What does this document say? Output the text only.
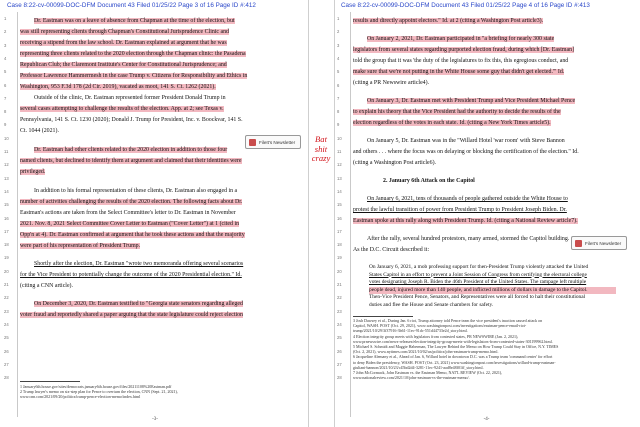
Case 8:22-cv-00099-DOC-DFM Document 43 Filed 01/25/22 Page 3 of 16 Page ID #:412
1
2
3
4
5
6
7
8
9
10
11
12
13
14
15
16
17
18
19
20
21
22
23
24
25
26
27
28
Dr. Eastman was on a leave of absence from Chapman at the time of the election, but
was still representing clients through Chapman's Constitutional Jurisprudence Clinic and
receiving a stipend from the law school. Dr. Eastman explained at argument that he was
representing three clients related to the 2020 election through the Chapman clinic: the Pasadena
Republican Club; the Claremont Institute's Center for Constitutional Jurisprudence; and
Professor Lawrence Hammermesh in the case Trump v. Citizens for Responsibility and Ethics in
Washington, 953 F.3d 178 (2d Cir. 2019), vacated as moot, 141 S. Ct. 1262 (2021).
Outside of the clinic, Dr. Eastman represented former President Donald Trump in
several cases attempting to challenge the results of the election. App. at 2; see Texas v.
Pennsylvania, 141 S. Ct. 1230 (2020); Donald J. Trump for President, Inc. v. Boockvar, 141 S.
Ct. 1044 (2021).
Dr. Eastman had other clients related to the 2020 election in addition to those four
named clients, but declined to identify them at argument and claimed that their identities were
privileged.
In addition to his formal representation of these clients, Dr. Eastman also engaged in a
number of activities challenging the results of the 2020 election. The following facts about Dr.
Eastman's actions are taken from the Select Committee's letter to Dr. Eastman in November
2021. Nov. 8, 2021 Select Committee Cover Letter to Eastman ("Cover Letter") at 1 (cited in
Opp'n at 4). Dr. Eastman confirmed at argument that he took these actions and that the majority
were part of his representation of President Trump.
Shortly after the election, Dr. Eastman "wrote two memoranda offering several scenarios
for the Vice President to potentially change the outcome of the 2020 Presidential election." Id.
(citing a CNN article).
On December 3, 2020, Dr. Eastman testified to "Georgia state senators regarding alleged
voter fraud and reportedly shared a paper arguing that the state legislature could reject election
FileIt's Newsletter
1 January6th.house.gov/sites/democrats.january6th.house.gov/files/20211108%20Eastman.pdf
2 Trump lawyer's memo on six-step plan for Pence to overturn the election, CNN (Sept. 21, 2021),
www.cnn.com/2021/09/20/politics/trump-pence-election-memo/index.html
-3-
Bat
shit
crazy
Case 8:22-cv-00099-DOC-DFM Document 43 Filed 01/25/22 Page 4 of 16 Page ID #:413
1
2
3
4
5
6
7
8
9
10
11
12
13
14
15
16
17
18
19
20
21
22
23
24
25
26
27
28
results and directly appoint electors." Id. at 2 (citing a Washington Post article3).
On January 2, 2021, Dr. Eastman participated in "a briefing for nearly 300 state
legislators from several states regarding purported election fraud, during which [Dr. Eastman]
told the group that it was 'the duty of the legislatures to fix this, this egregious conduct, and
make sure that we're not putting in the White House some guy that didn't get elected.'" Id.
(citing a PR Newswire article4).
On January 3, Dr. Eastman met with President Trump and Vice President Michael Pence
to explain his theory that the Vice President had the authority to decide the results of the
election regardless of the votes in each state. Id. (citing a New York Times article5).
On January 5, Dr. Eastman was in the "Willard Hotel 'war room' with Steve Bannon
and others . . . where the focus was on delaying or blocking the certification of the election." Id.
(citing a Washington Post article6).
2. January 6th Attack on the Capitol
On January 6, 2021, tens of thousands of people gathered outside the White House to
protest the lawful transition of power from President Trump to President Joseph Biden. Dr.
Eastman spoke at this rally along with President Trump. Id. (citing a National Review article7).
After the rally, several hundred protestors, many armed, stormed the Capitol building.
As the D.C. Circuit described it:
FileIt's Newsletter
On January 6, 2021, a mob professing support for then-President Trump violently attacked the United
States Capitol in an effort to prevent a Joint Session of Congress from certifying the electoral college
votes designating Joseph R. Biden the 46th President of the United States. The rampage left multiple
people dead, injured more than 140 people, and inflicted millions of dollars in damage to the Capitol.
Then-Vice President Pence, Senators, and Representatives were all forced to halt their constitutional
duties and flee the House and Senate chambers for safety.
3 Josh Dawsey et al., During Jan. 6 riot, Trump attorney told Pence team the vice president's inaction caused attack on
Capitol, WASH. POST (Oct. 29, 2021), www.washingtonpost.com/investigations/eastman-pence-email-riot-
trump/2021/10/29/3f37916-3b61-11ec-91dc-551d44733e2d_story.html.
4 Election integrity group meets with legislators from contested states, PR NEWSWIRE (Jan. 2, 2021),
www.prnewswire.com/news-releases/election-integrity-group-meets-with-legislators-from-contested-states-301199962.html.
5 Michael S. Schmidt and Maggie Haberman, The Lawyer Behind the Memo on How Trump Could Stay in Office, N.Y. TIMES
(Oct. 2, 2021), www.nytimes.com/2021/10/02/us/politics/john-eastman-trump-memo.html.
6 Jacqueline Alemany et al., Ahead of Jan. 6, Willard hotel in downtown D.C. was a Trump team 'command center' for effort
to deny Biden the presidency, WASH. POST (Oct. 23, 2021) www.washingtonpost.com/investigations/willard-trump-eastman-
giuliani-bannon/2021/10/23/c45bd2d4-3281-11ec-9241-aad8e48f01ff_story.html.
7 John McCormack, John Eastman vs. the Eastman Memo, NAT'L REVIEW (Oct. 22, 2021),
www.nationalreview.com/2021/10/john-eastman-vs-the-eastman-memo/.
-4-
